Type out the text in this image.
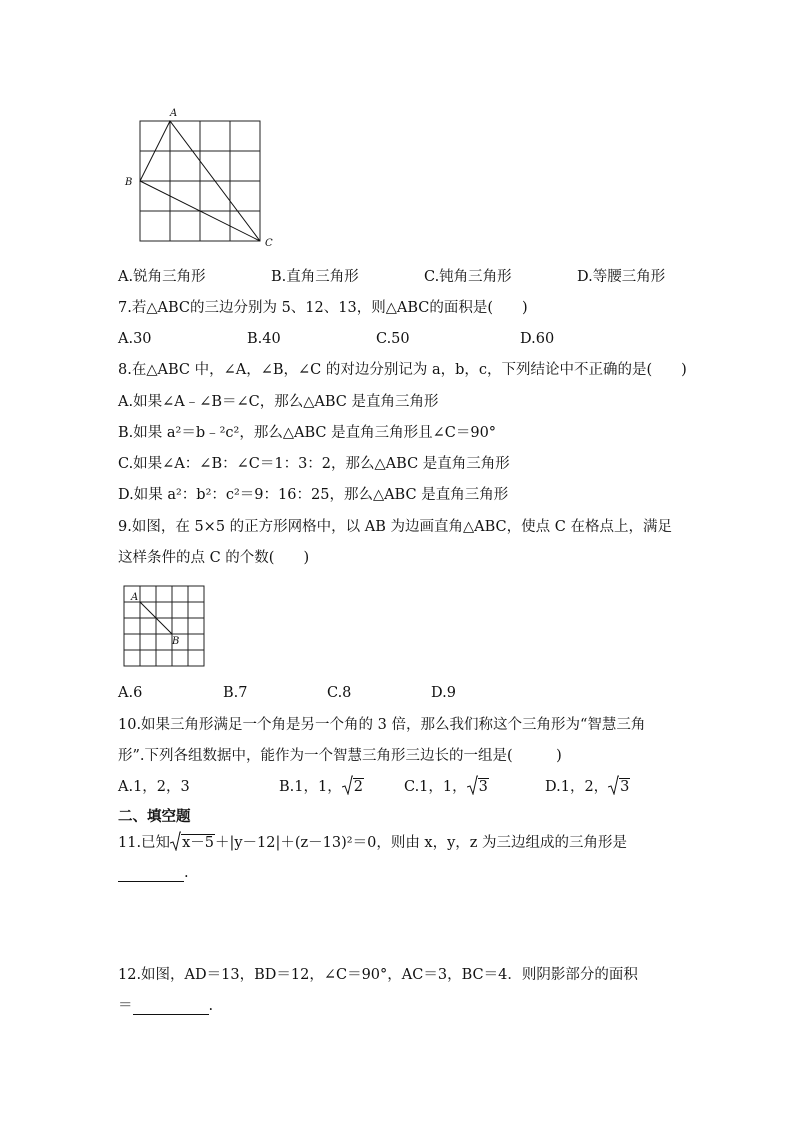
A
B
C
A.锐角三角形	B.直角三角形	C.钝角三角形	D.等腰三角形
7.若△ABC的三边分别为 5、12、13，则△ABC的面积是(　　)
A.30	B.40	C.50	D.60
8.在△ABC 中，∠A，∠B，∠C 的对边分别记为 a，b，c，下列结论中不正确的是(　　)
A.如果∠A﹣∠B＝∠C，那么△ABC 是直角三角形
B.如果 a²＝b﹣²c²，那么△ABC 是直角三角形且∠C＝90°
C.如果∠A：∠B：∠C＝1：3：2，那么△ABC 是直角三角形
D.如果 a²：b²：c²＝9：16：25，那么△ABC 是直角三角形
9.如图，在 5×5 的正方形网格中，以 AB 为边画直角△ABC，使点 C 在格点上，满足
这样条件的点 C 的个数(　　)
A
B
A.6	B.7	C.8	D.9
10.如果三角形满足一个角是另一个角的 3 倍，那么我们称这个三角形为“智慧三角
形”.下列各组数据中，能作为一个智慧三角形三边长的一组是(　　　)
A.1，2，3	B.1，1， 2	C.1，1， 3	D.1，2， 3
二、填空题
11.已知 x－5＋|y－12|＋(z－13)²＝0，则由 x，y，z 为三边组成的三角形是
.
12.如图，AD＝13，BD＝12，∠C＝90°，AC＝3，BC＝4．则阴影部分的面积
＝	.
